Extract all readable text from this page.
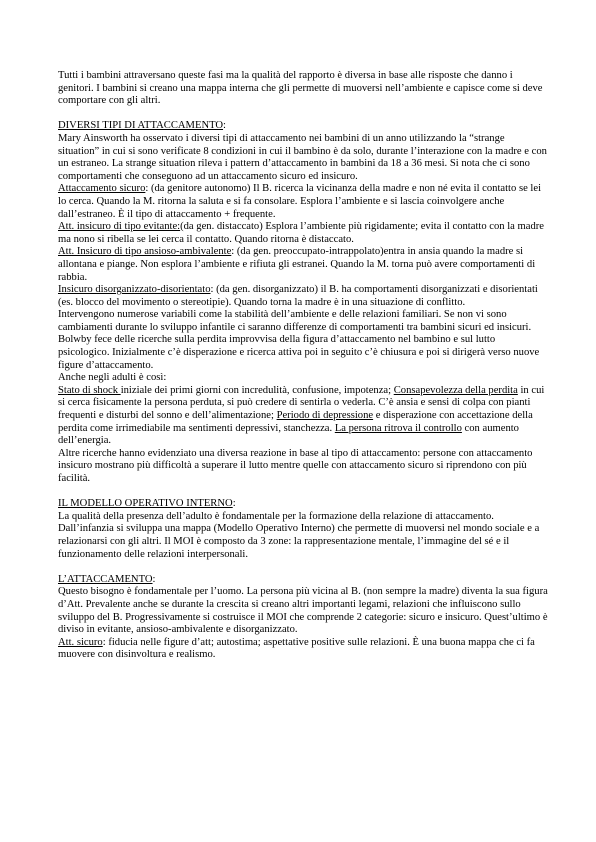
Tutti i bambini attraversano queste fasi ma la qualità del rapporto è diversa in base alle risposte che danno i genitori. I bambini si creano una mappa interna che gli permette di muoversi nell’ambiente e capisce come si deve comportare con gli altri.

DIVERSI TIPI DI ATTACCAMENTO:

Mary Ainsworth ha osservato i diversi tipi di attaccamento nei bambini di un anno utilizzando la “strange situation” in cui si sono verificate 8 condizioni in cui il bambino è da solo, durante l’interazione con la madre e con un estraneo. La strange situation rileva i pattern d’attaccamento in bambini da 18 a 36 mesi. Si nota che ci sono comportamenti che conseguono ad un attaccamento sicuro ed insicuro.

Attaccamento sicuro: (da genitore autonomo) Il B. ricerca la vicinanza della madre e non né evita il contatto se lei lo cerca. Quando la M. ritorna la saluta e si fa consolare. Esplora l’ambiente e si lascia coinvolgere anche dall’estraneo. È il tipo di attaccamento + frequente.

Att. insicuro di tipo evitante:(da gen. distaccato) Esplora l’ambiente più rigidamente; evita il contatto con la madre ma nono si ribella se lei cerca il contatto. Quando ritorna è distaccato.

Att. Insicuro di tipo ansioso-ambivalente: (da gen. preoccupato-intrappolato)entra in ansia quando la madre si allontana e piange. Non esplora l’ambiente e rifiuta gli estranei. Quando la M. torna può avere comportamenti di rabbia.

Insicuro disorganizzato-disorientato: (da gen. disorganizzato) il B. ha comportamenti disorganizzati e disorientati (es. blocco del movimento o stereotipie). Quando torna la madre è in una situazione di conflitto.

Intervengono numerose variabili come la stabilità dell’ambiente e delle relazioni familiari. Se non vi sono cambiamenti durante lo sviluppo infantile ci saranno differenze di comportamenti tra bambini sicuri ed insicuri.

Bolwby fece delle ricerche sulla perdita improvvisa della figura d’attaccamento nel bambino e sul lutto psicologico. Inizialmente c’è disperazione e ricerca attiva poi in seguito c’è chiusura e poi si dirigerà verso nuove figure d’attaccamento.

Anche negli adulti è così:

Stato di shock iniziale dei primi giorni con incredulità, confusione, impotenza; Consapevolezza della perdita in cui si cerca fisicamente la persona perduta, si può credere di sentirla o vederla. C’è ansia e sensi di colpa con pianti frequenti e disturbi del sonno e dell’alimentazione; Periodo di depressione e disperazione con accettazione della perdita come irrimediabile ma sentimenti depressivi, stanchezza. La persona ritrova il controllo con aumento dell’energia.

Altre ricerche hanno evidenziato una diversa reazione in base al tipo di attaccamento: persone con attaccamento insicuro mostrano più difficoltà a superare il lutto mentre quelle con attaccamento sicuro si riprendono con più facilità.

IL MODELLO OPERATIVO INTERNO:

La qualità della presenza dell’adulto è fondamentale per la formazione della relazione di attaccamento. Dall’infanzia si sviluppa una mappa (Modello Operativo Interno) che permette di muoversi nel mondo sociale e a relazionarsi con gli altri. Il MOI è composto da 3 zone: la rappresentazione mentale, l’immagine del sé e il funzionamento delle relazioni interpersonali.

L’ATTACCAMENTO:

Questo bisogno è fondamentale per l’uomo. La persona più vicina al B. (non sempre la madre) diventa la sua figura d’Att. Prevalente anche se durante la crescita si creano altri importanti legami, relazioni che influiscono sullo sviluppo del B. Progressivamente si costruisce il MOI che comprende 2 categorie: sicuro e insicuro. Quest’ultimo è diviso in evitante, ansioso-ambivalente e disorganizzato.

Att. sicuro: fiducia nelle figure d’att; autostima; aspettative positive sulle relazioni. È una buona mappa che ci fa muovere con disinvoltura e realismo.
